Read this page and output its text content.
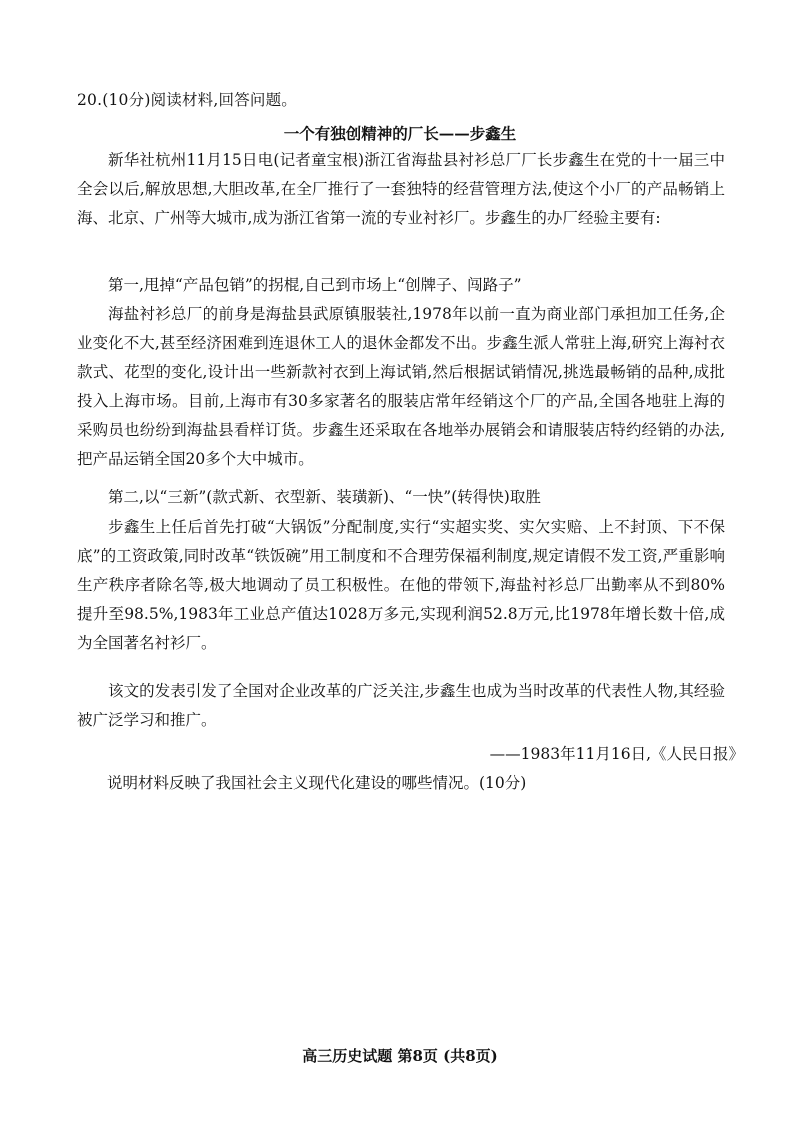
20.(10分)阅读材料,回答问题。
一个有独创精神的厂长——步鑫生

新华社杭州11月15日电(记者童宝根)浙江省海盐县衬衫总厂厂长步鑫生在党的十一届三中全会以后,解放思想,大胆改革,在全厂推行了一套独特的经营管理方法,使这个小厂的产品畅销上海、北京、广州等大城市,成为浙江省第一流的专业衬衫厂。步鑫生的办厂经验主要有:

第一,甩掉“产品包销”的拐棍,自己到市场上“创牌子、闯路子”

海盐衬衫总厂的前身是海盐县武原镇服装社,1978年以前一直为商业部门承担加工任务,企业变化不大,甚至经济困难到连退休工人的退休金都发不出。步鑫生派人常驻上海,研究上海衬衣款式、花型的变化,设计出一些新款衬衣到上海试销,然后根据试销情况,挑选最畅销的品种,成批投入上海市场。目前,上海市有30多家著名的服装店常年经销这个厂的产品,全国各地驻上海的采购员也纷纷到海盐县看样订货。步鑫生还采取在各地举办展销会和请服装店特约经销的办法,把产品运销全国20多个大中城市。

第二,以“三新”(款式新、衣型新、装璜新)、“一快”(转得快)取胜

步鑫生上任后首先打破“大锅饭”分配制度,实行“实超实奖、实欠实赔、上不封顶、下不保底”的工资政策,同时改革“铁饭碗”用工制度和不合理劳保福利制度,规定请假不发工资,严重影响生产秩序者除名等,极大地调动了员工积极性。在他的带领下,海盐衬衫总厂出勤率从不到80%提升至98.5%,1983年工业总产值达1028万多元,实现利润52.8万元,比1978年增长数十倍,成为全国著名衬衫厂。

该文的发表引发了全国对企业改革的广泛关注,步鑫生也成为当时改革的代表性人物,其经验被广泛学习和推广。

——1983年11月16日,《人民日报》
说明材料反映了我国社会主义现代化建设的哪些情况。(10分)
高三历史试题 第8页 (共8页)
